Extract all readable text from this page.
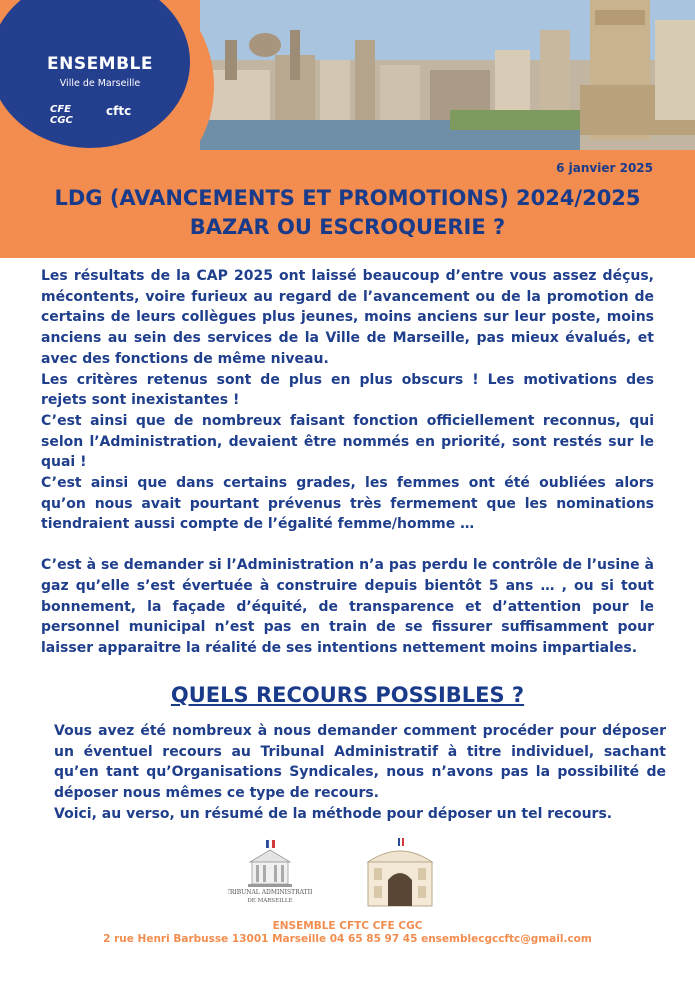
ENSEMBLE
Ville de Marseille
CFE CGC
cftc
6 janvier 2025
LDG (AVANCEMENTS ET PROMOTIONS) 2024/2025
BAZAR OU ESCROQUERIE ?

Les résultats de la CAP 2025 ont laissé beaucoup d’entre vous assez déçus, mécontents, voire furieux au regard de l’avancement ou de la promotion de certains de leurs collègues plus jeunes, moins anciens sur leur poste, moins anciens au sein des services de la Ville de Marseille, pas mieux évalués, et avec des fonctions de même niveau.

Les critères retenus sont de plus en plus obscurs ! Les motivations des rejets sont inexistantes !

C’est ainsi que de nombreux faisant fonction officiellement reconnus, qui selon l’Administration, devaient être nommés en priorité, sont restés sur le quai !

C’est ainsi que dans certains grades, les femmes ont été oubliées alors qu’on nous avait pourtant prévenus très fermement que les nominations tiendraient aussi compte de l’égalité femme/homme …

C’est à se demander si l’Administration n’a pas perdu le contrôle de l’usine à gaz qu’elle s’est évertuée à construire depuis bientôt 5 ans … , ou si tout bonnement, la façade d’équité, de transparence et d’attention pour le personnel municipal n’est pas en train de se fissurer suffisamment pour laisser apparaitre la réalité de ses intentions nettement moins impartiales.

QUELS RECOURS POSSIBLES ?

Vous avez été nombreux à nous demander comment procéder pour déposer un éventuel recours au Tribunal Administratif à titre individuel, sachant qu’en tant qu’Organisations Syndicales, nous n’avons pas la possibilité de déposer nous mêmes ce type de recours.

Voici, au verso, un résumé de la méthode pour déposer un tel recours.

TRIBUNAL ADMINISTRATIF
DE MARSEILLE
ENSEMBLE CFTC CFE CGC
2 rue Henri Barbusse 13001 Marseille 04 65 85 97 45 ensemblecgccftc@gmail.com
